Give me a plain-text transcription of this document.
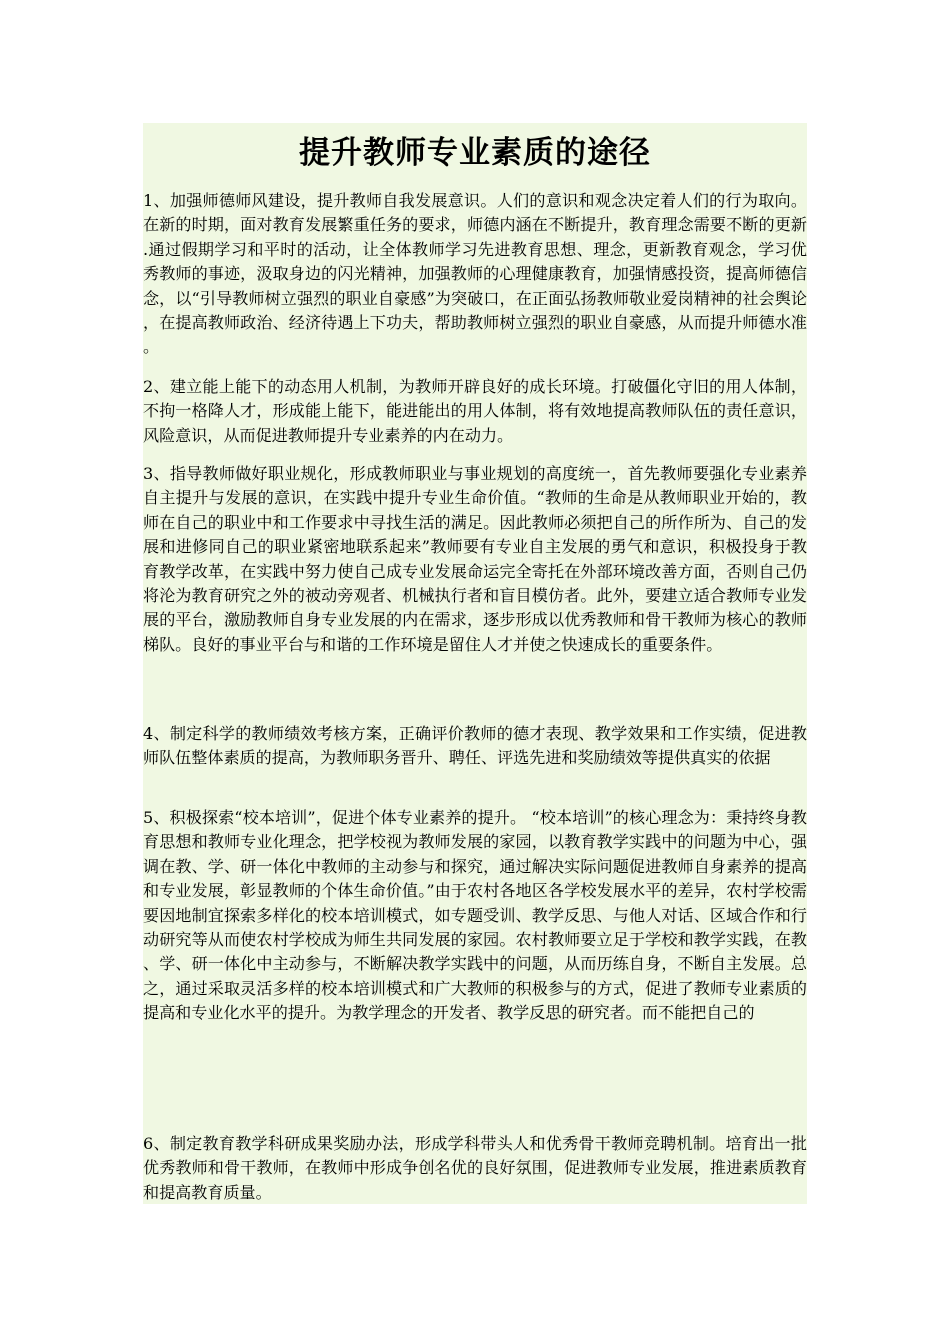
提升教师专业素质的途径

1、加强师德师风建设，提升教师自我发展意识。人们的意识和观念决定着人们的行为取向。在新的时期，面对教育发展繁重任务的要求，师德内涵在不断提升，教育理念需要不断的更新.通过假期学习和平时的活动，让全体教师学习先进教育思想、理念，更新教育观念，学习优秀教师的事迹，汲取身边的闪光精神，加强教师的心理健康教育，加强情感投资，提高师德信念，以“引导教师树立强烈的职业自豪感”为突破口，在正面弘扬教师敬业爱岗精神的社会舆论，在提高教师政治、经济待遇上下功夫，帮助教师树立强烈的职业自豪感，从而提升师德水准。

2、建立能上能下的动态用人机制，为教师开辟良好的成长环境。打破僵化守旧的用人体制，不拘一格降人才，形成能上能下，能进能出的用人体制，将有效地提高教师队伍的责任意识，风险意识，从而促进教师提升专业素养的内在动力。

3、指导教师做好职业规化，形成教师职业与事业规划的高度统一，首先教师要强化专业素养自主提升与发展的意识，在实践中提升专业生命价值。“教师的生命是从教师职业开始的，教师在自己的职业中和工作要求中寻找生活的满足。因此教师必须把自己的所作所为、自己的发展和进修同自己的职业紧密地联系起来”教师要有专业自主发展的勇气和意识，积极投身于教育教学改革，在实践中努力使自己成专业发展命运完全寄托在外部环境改善方面，否则自己仍将沦为教育研究之外的被动旁观者、机械执行者和盲目模仿者。此外，要建立适合教师专业发展的平台，激励教师自身专业发展的内在需求，逐步形成以优秀教师和骨干教师为核心的教师梯队。良好的事业平台与和谐的工作环境是留住人才并使之快速成长的重要条件。

4、制定科学的教师绩效考核方案，正确评价教师的德才表现、教学效果和工作实绩，促进教师队伍整体素质的提高，为教师职务晋升、聘任、评选先进和奖励绩效等提供真实的依据

5、积极探索“校本培训”，促进个体专业素养的提升。 “校本培训”的核心理念为：秉持终身教育思想和教师专业化理念，把学校视为教师发展的家园，以教育教学实践中的问题为中心，强调在教、学、研一体化中教师的主动参与和探究，通过解决实际问题促进教师自身素养的提高和专业发展，彰显教师的个体生命价值。”由于农村各地区各学校发展水平的差异，农村学校需要因地制宜探索多样化的校本培训模式，如专题受训、教学反思、与他人对话、区域合作和行动研究等从而使农村学校成为师生共同发展的家园。农村教师要立足于学校和教学实践，在教、学、研一体化中主动参与，不断解决教学实践中的问题，从而历练自身，不断自主发展。总之，通过采取灵活多样的校本培训模式和广大教师的积极参与的方式，促进了教师专业素质的提高和专业化水平的提升。为教学理念的开发者、教学反思的研究者。而不能把自己的

6、制定教育教学科研成果奖励办法，形成学科带头人和优秀骨干教师竞聘机制。培育出一批优秀教师和骨干教师，在教师中形成争创名优的良好氛围，促进教师专业发展，推进素质教育和提高教育质量。
